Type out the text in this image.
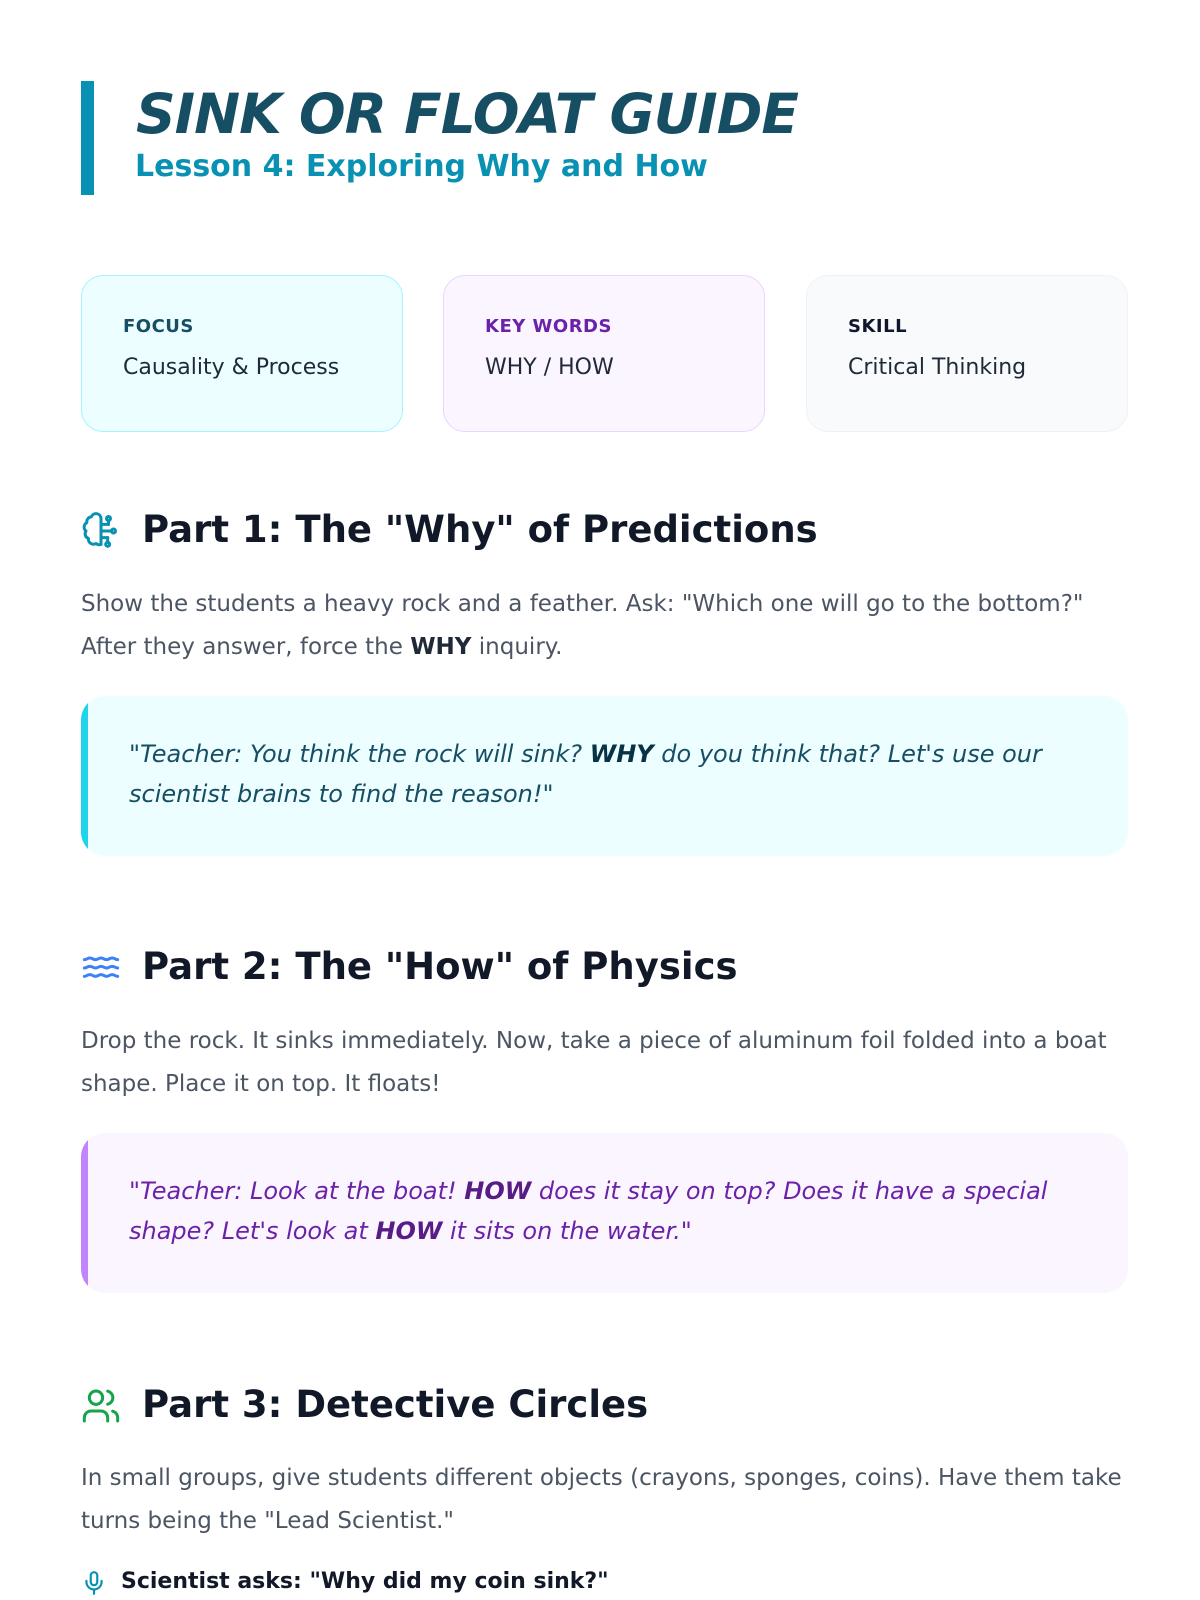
SINK OR FLOAT GUIDE
Lesson 4: Exploring Why and How
FOCUS
Causality & Process
KEY WORDS
WHY / HOW
SKILL
Critical Thinking
Part 1: The "Why" of Predictions
Show the students a heavy rock and a feather. Ask: "Which one will go to the bottom?" After they answer, force the WHY inquiry.
"Teacher: You think the rock will sink? WHY do you think that? Let's use our scientist brains to find the reason!"
Part 2: The "How" of Physics
Drop the rock. It sinks immediately. Now, take a piece of aluminum foil folded into a boat shape. Place it on top. It floats!
"Teacher: Look at the boat! HOW does it stay on top? Does it have a special shape? Let's look at HOW it sits on the water."
Part 3: Detective Circles
In small groups, give students different objects (crayons, sponges, coins). Have them take turns being the "Lead Scientist."
Scientist asks: "Why did my coin sink?"
